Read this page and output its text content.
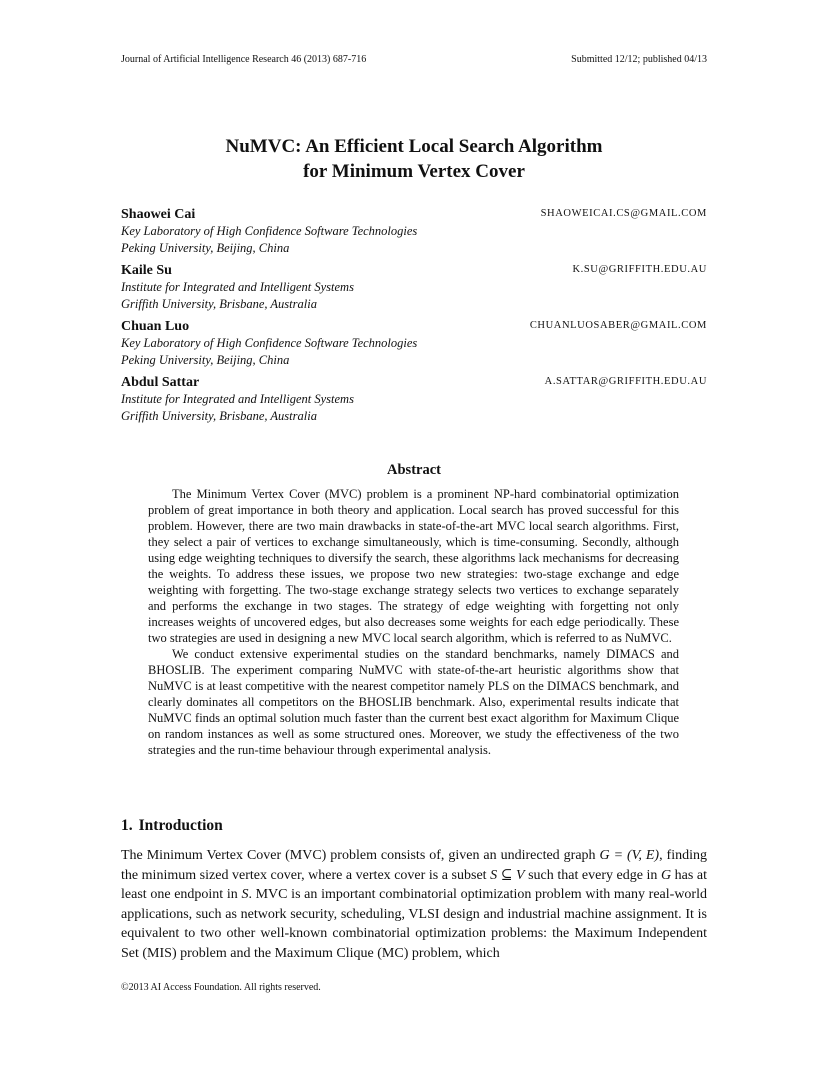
Journal of Artificial Intelligence Research 46 (2013) 687-716	Submitted 12/12; published 04/13
NuMVC: An Efficient Local Search Algorithm
for Minimum Vertex Cover
Shaowei Cai	SHAOWEICAI.CS@GMAIL.COM
Key Laboratory of High Confidence Software Technologies
Peking University, Beijing, China
Kaile Su	K.SU@GRIFFITH.EDU.AU
Institute for Integrated and Intelligent Systems
Griffith University, Brisbane, Australia
Chuan Luo	CHUANLUOSABER@GMAIL.COM
Key Laboratory of High Confidence Software Technologies
Peking University, Beijing, China
Abdul Sattar	A.SATTAR@GRIFFITH.EDU.AU
Institute for Integrated and Intelligent Systems
Griffith University, Brisbane, Australia
Abstract

The Minimum Vertex Cover (MVC) problem is a prominent NP-hard combinatorial optimization problem of great importance in both theory and application. Local search has proved successful for this problem. However, there are two main drawbacks in state-of-the-art MVC local search algorithms. First, they select a pair of vertices to exchange simultaneously, which is time-consuming. Secondly, although using edge weighting techniques to diversify the search, these algorithms lack mechanisms for decreasing the weights. To address these issues, we propose two new strategies: two-stage exchange and edge weighting with forgetting. The two-stage exchange strategy selects two vertices to exchange separately and performs the exchange in two stages. The strategy of edge weighting with forgetting not only increases weights of uncovered edges, but also decreases some weights for each edge periodically. These two strategies are used in designing a new MVC local search algorithm, which is referred to as NuMVC.

We conduct extensive experimental studies on the standard benchmarks, namely DIMACS and BHOSLIB. The experiment comparing NuMVC with state-of-the-art heuristic algorithms show that NuMVC is at least competitive with the nearest competitor namely PLS on the DIMACS benchmark, and clearly dominates all competitors on the BHOSLIB benchmark. Also, experimental results indicate that NuMVC finds an optimal solution much faster than the current best exact algorithm for Maximum Clique on random instances as well as some structured ones. Moreover, we study the effectiveness of the two strategies and the run-time behaviour through experimental analysis.

1. Introduction

The Minimum Vertex Cover (MVC) problem consists of, given an undirected graph G = (V, E), finding the minimum sized vertex cover, where a vertex cover is a subset S ⊆ V such that every edge in G has at least one endpoint in S. MVC is an important combinatorial optimization problem with many real-world applications, such as network security, scheduling, VLSI design and industrial machine assignment. It is equivalent to two other well-known combinatorial optimization problems: the Maximum Independent Set (MIS) problem and the Maximum Clique (MC) problem, which

©2013 AI Access Foundation. All rights reserved.
